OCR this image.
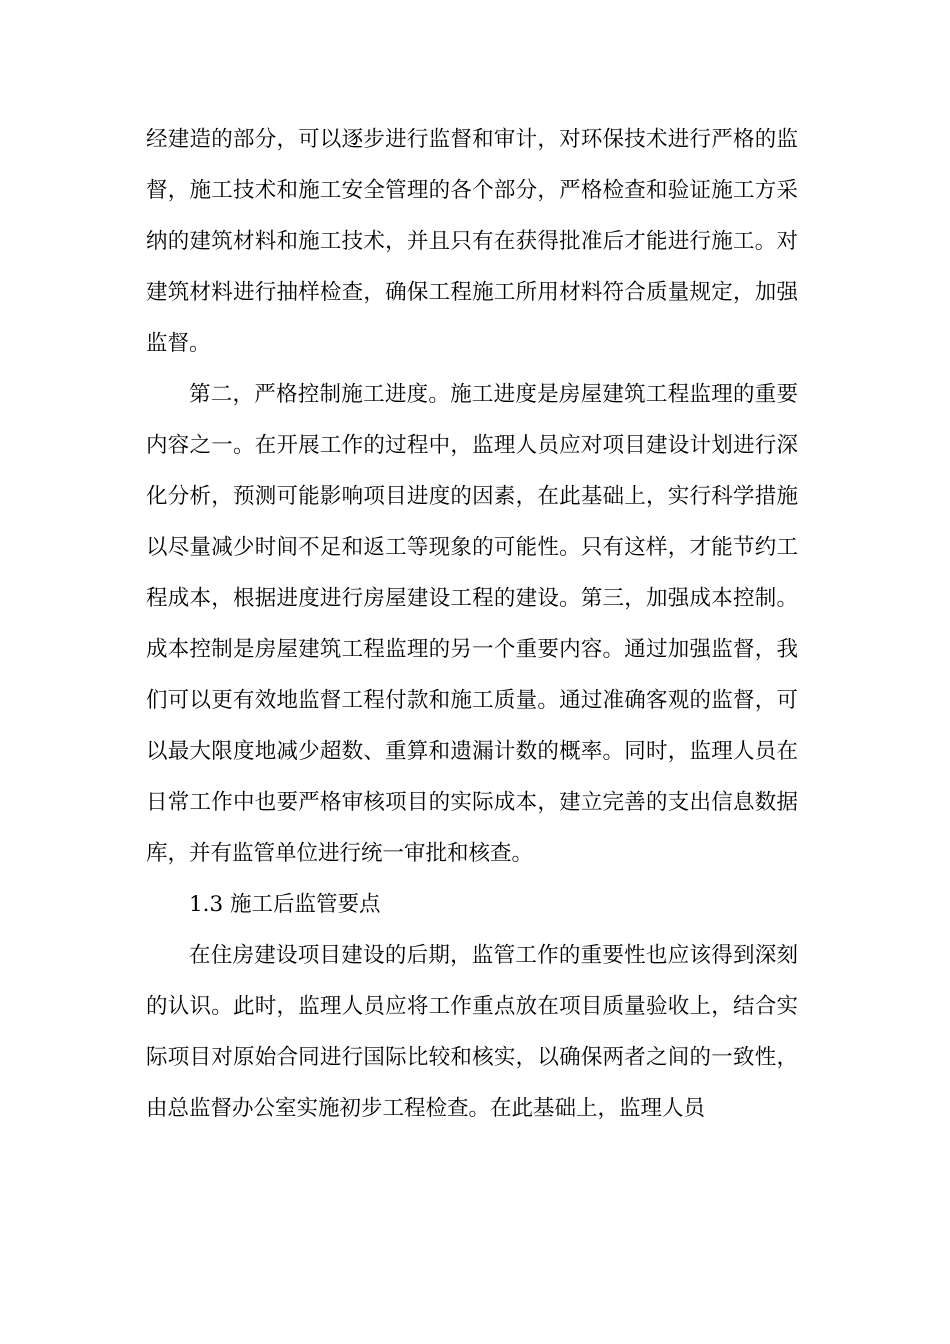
经建造的部分，可以逐步进行监督和审计，对环保技术进行严格的监督，施工技术和施工安全管理的各个部分，严格检查和验证施工方采纳的建筑材料和施工技术，并且只有在获得批准后才能进行施工。对建筑材料进行抽样检查，确保工程施工所用材料符合质量规定，加强监督。

第二，严格控制施工进度。施工进度是房屋建筑工程监理的重要内容之一。在开展工作的过程中，监理人员应对项目建设计划进行深化分析，预测可能影响项目进度的因素，在此基础上，实行科学措施以尽量减少时间不足和返工等现象的可能性。只有这样，才能节约工程成本，根据进度进行房屋建设工程的建设。第三，加强成本控制。成本控制是房屋建筑工程监理的另一个重要内容。通过加强监督，我们可以更有效地监督工程付款和施工质量。通过准确客观的监督，可以最大限度地减少超数、重算和遗漏计数的概率。同时，监理人员在日常工作中也要严格审核项目的实际成本，建立完善的支出信息数据库，并有监管单位进行统一审批和核查。

1.3 施工后监管要点

在住房建设项目建设的后期，监管工作的重要性也应该得到深刻的认识。此时，监理人员应将工作重点放在项目质量验收上，结合实际项目对原始合同进行国际比较和核实，以确保两者之间的一致性，由总监督办公室实施初步工程检查。在此基础上，监理人员
